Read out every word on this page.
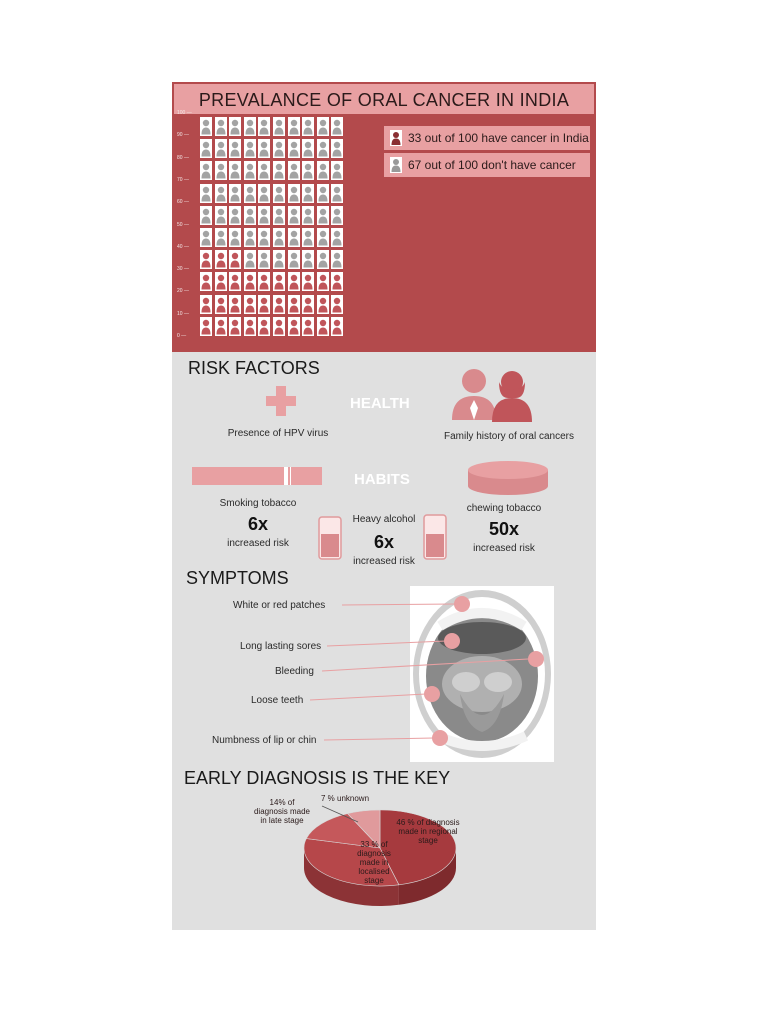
PREVALANCE OF ORAL CANCER IN INDIA
100 —
90 —
80 —
70 —
60 —
50 —
40 —
30 —
20 —
10 —
0 —
33 out of 100 have cancer in India
67 out of 100 don't have cancer
RISK FACTORS
HEALTH
Presence of HPV virus	Family history of oral cancers
HABITS
Smoking tobacco
6x
increased risk
Heavy alcohol
6x
increased risk
chewing tobacco
50x
increased risk
SYMPTOMS
White or red patches
Long lasting sores
Bleeding
Loose teeth
Numbness of lip or chin
EARLY DIAGNOSIS IS THE KEY
46 % of diagnosis made in regional stage
33 % of diagnosis made in localised stage
14% of diagnosis made in late stage
7 % unknown
